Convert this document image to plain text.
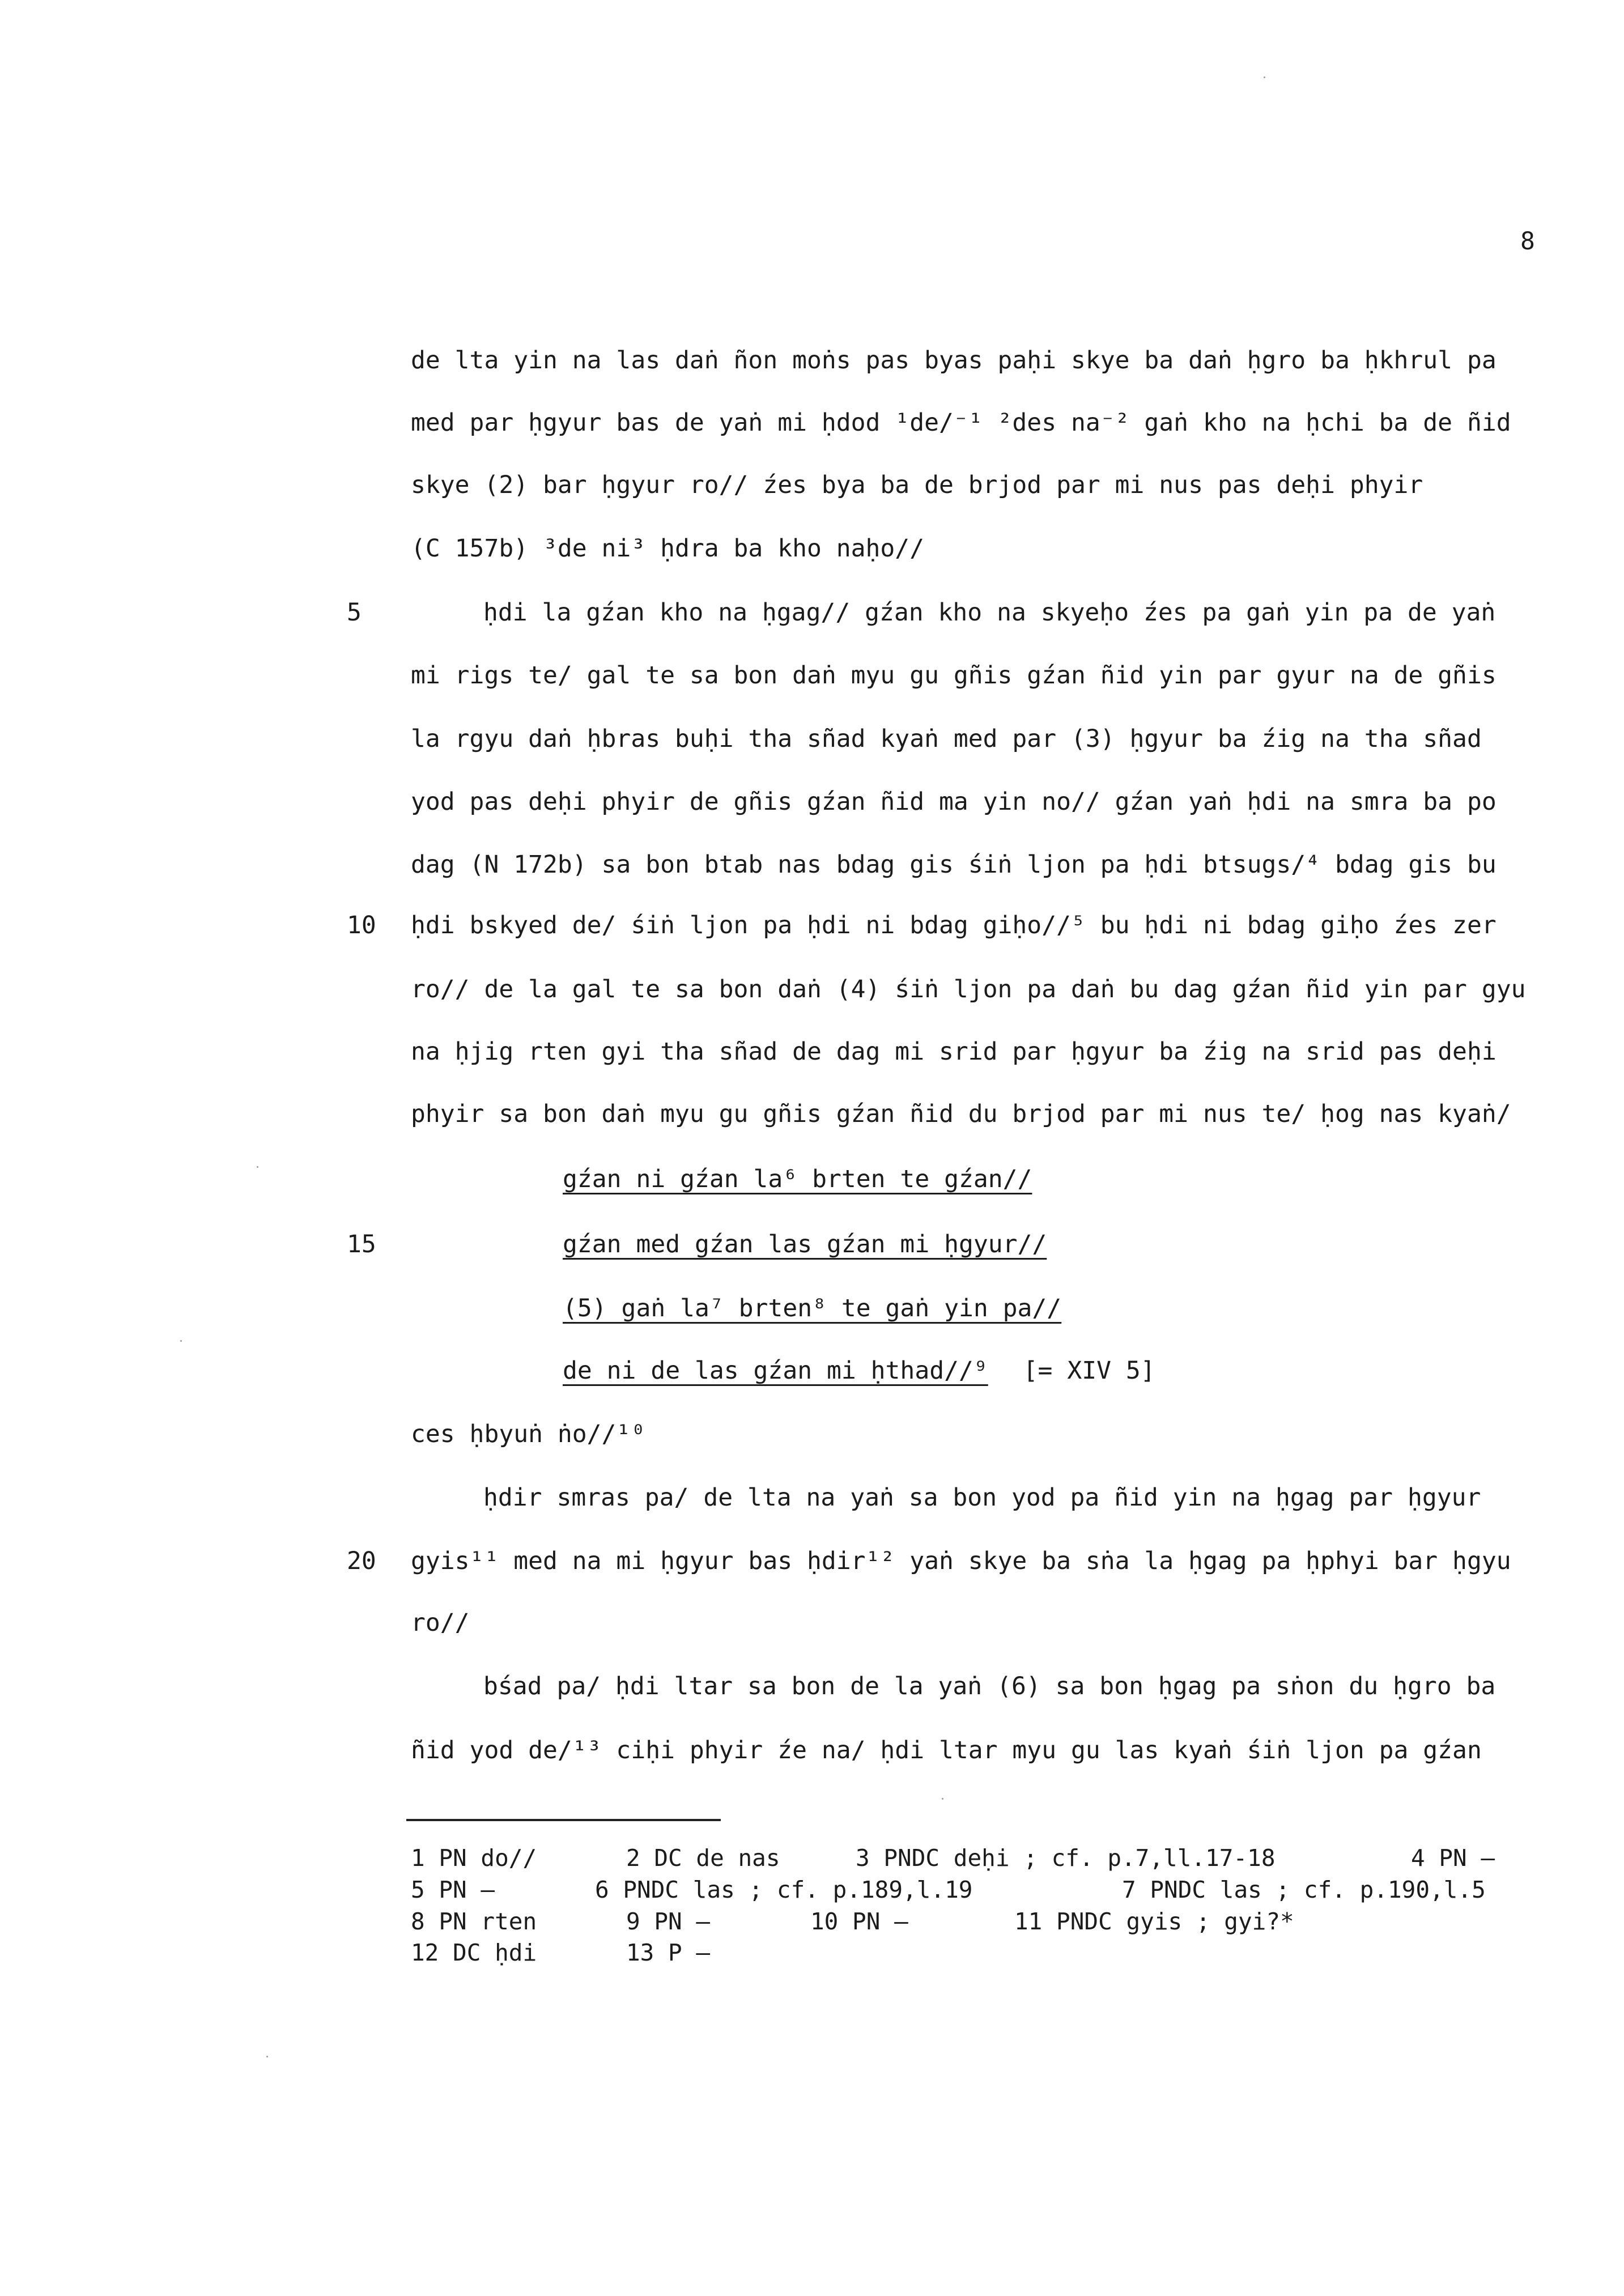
8
5
10
15
20
de lta yin na las daṅ ñon moṅs pas byas paḥi skye ba daṅ ḥgro ba ḥkhrul pa
med par ḥgyur bas de yaṅ mi ḥdod ¹de/⁻¹ ²des na⁻² gaṅ kho na ḥchi ba de ñid
skye (2) bar ḥgyur ro// źes bya ba de brjod par mi nus pas deḥi phyir
(C 157b) ³de ni³ ḥdra ba kho naḥo//
ḥdi la gźan kho na ḥgag// gźan kho na skyeḥo źes pa gaṅ yin pa de yaṅ
mi rigs te/ gal te sa bon daṅ myu gu gñis gźan ñid yin par gyur na de gñis
la rgyu daṅ ḥbras buḥi tha sñad kyaṅ med par (3) ḥgyur ba źig na tha sñad
yod pas deḥi phyir de gñis gźan ñid ma yin no// gźan yaṅ ḥdi na smra ba po
dag (N 172b) sa bon btab nas bdag gis śiṅ ljon pa ḥdi btsugs/⁴ bdag gis bu
ḥdi bskyed de/ śiṅ ljon pa ḥdi ni bdag giḥo//⁵ bu ḥdi ni bdag giḥo źes zer
ro// de la gal te sa bon daṅ (4) śiṅ ljon pa daṅ bu dag gźan ñid yin par gyu
na ḥjig rten gyi tha sñad de dag mi srid par ḥgyur ba źig na srid pas deḥi
phyir sa bon daṅ myu gu gñis gźan ñid du brjod par mi nus te/ ḥog nas kyaṅ/
gźan ni gźan la⁶ brten te gźan//
gźan med gźan las gźan mi ḥgyur//
(5) gaṅ la⁷ brten⁸ te gaṅ yin pa//
de ni de las gźan mi ḥthad//⁹ [= XIV 5]
ces ḥbyuṅ ṅo//¹⁰
ḥdir smras pa/ de lta na yaṅ sa bon yod pa ñid yin na ḥgag par ḥgyur
gyis¹¹ med na mi ḥgyur bas ḥdir¹² yaṅ skye ba sṅa la ḥgag pa ḥphyi bar ḥgyu
ro//
bśad pa/ ḥdi ltar sa bon de la yaṅ (6) sa bon ḥgag pa sṅon du ḥgro ba
ñid yod de/¹³ ciḥi phyir źe na/ ḥdi ltar myu gu las kyaṅ śiṅ ljon pa gźan
1 PN do//	2 DC de nas	3 PNDC deḥi ; cf. p.7,ll.17-18	4 PN —
5 PN —	6 PNDC las ; cf. p.189,l.19	7 PNDC las ; cf. p.190,l.5
8 PN rten	9 PN —	10 PN —	11 PNDC gyis ; gyi?*
12 DC ḥdi	13 P —
